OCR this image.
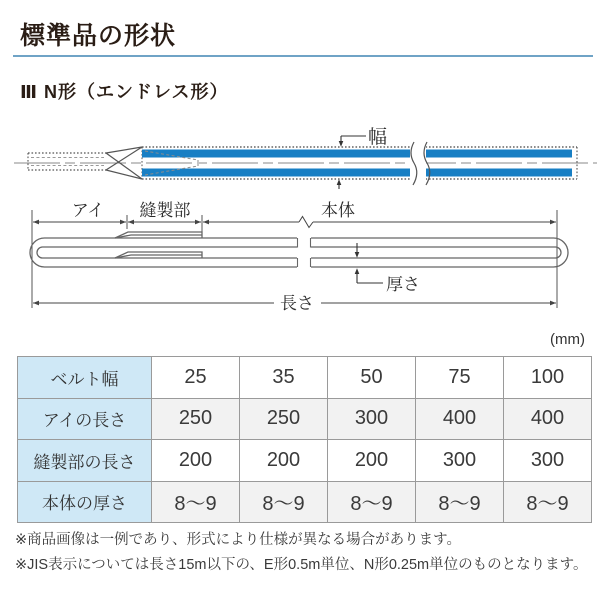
標準品の形状
Ⅲ N形（エンドレス形）
幅
アイ 縫製部	本体
厚さ
長さ
(mm)
ベルト幅	25	35	50	75	100
アイの長さ	250	250	300	400	400
縫製部の長さ	200	200	200	300	300
本体の厚さ	8～9	8～9	8～9	8～9	8～9
※商品画像は一例であり、形式により仕様が異なる場合があります。
※JIS表示については長さ15m以下の、E形0.5m単位、N形0.25m単位のものとなります。
